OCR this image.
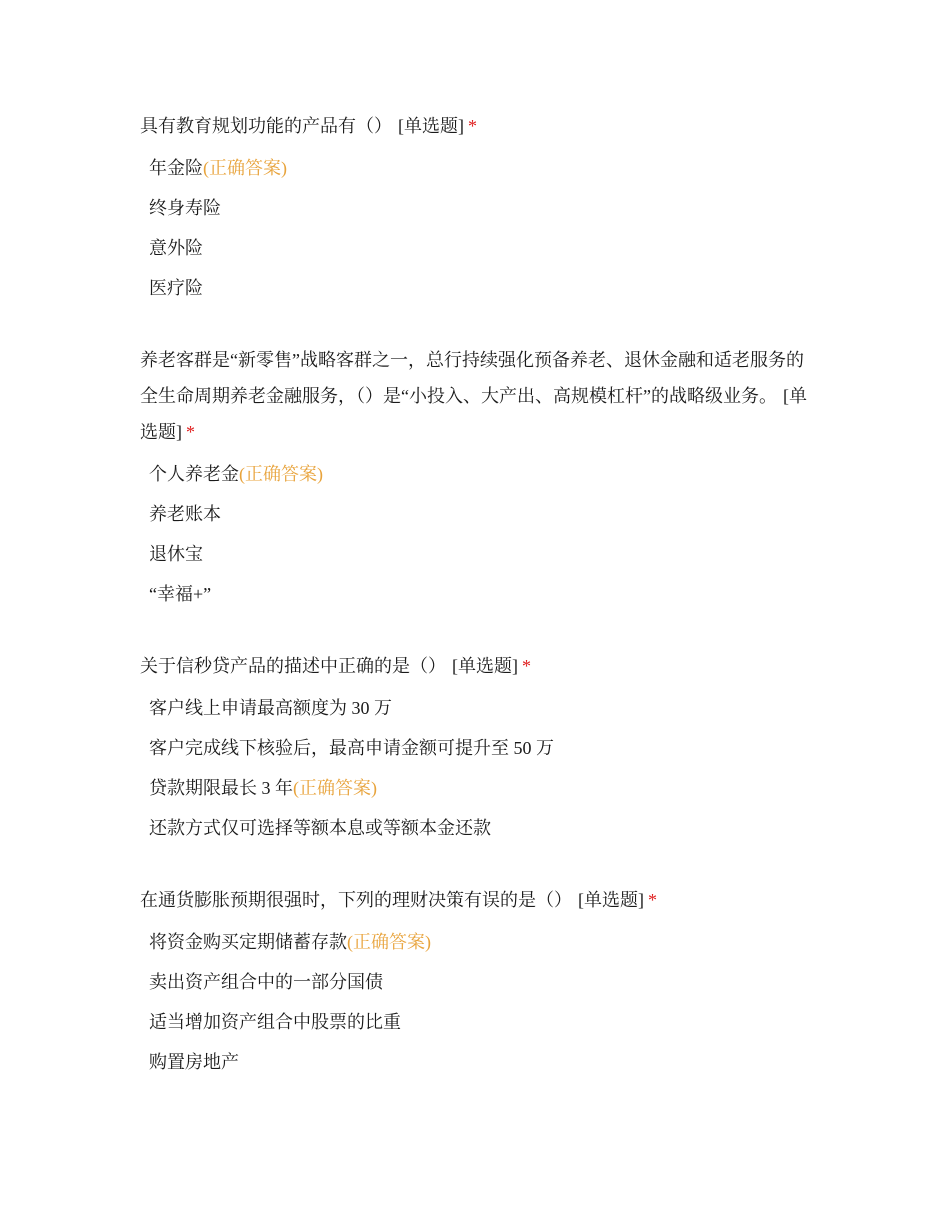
具有教育规划功能的产品有（） [单选题] *

年金险(正确答案)
终身寿险
意外险
医疗险

养老客群是“新零售”战略客群之一，总行持续强化预备养老、退休金融和适老服务的全生命周期养老金融服务，（）是“小投入、大产出、高规模杠杆”的战略级业务。 [单选题] *

个人养老金(正确答案)
养老账本
退休宝
“幸福+”

关于信秒贷产品的描述中正确的是（） [单选题] *

客户线上申请最高额度为 30 万
客户完成线下核验后，最高申请金额可提升至 50 万
贷款期限最长 3 年(正确答案)
还款方式仅可选择等额本息或等额本金还款

在通货膨胀预期很强时，下列的理财决策有误的是（） [单选题] *

将资金购买定期储蓄存款(正确答案)
卖出资产组合中的一部分国债
适当增加资产组合中股票的比重
购置房地产
